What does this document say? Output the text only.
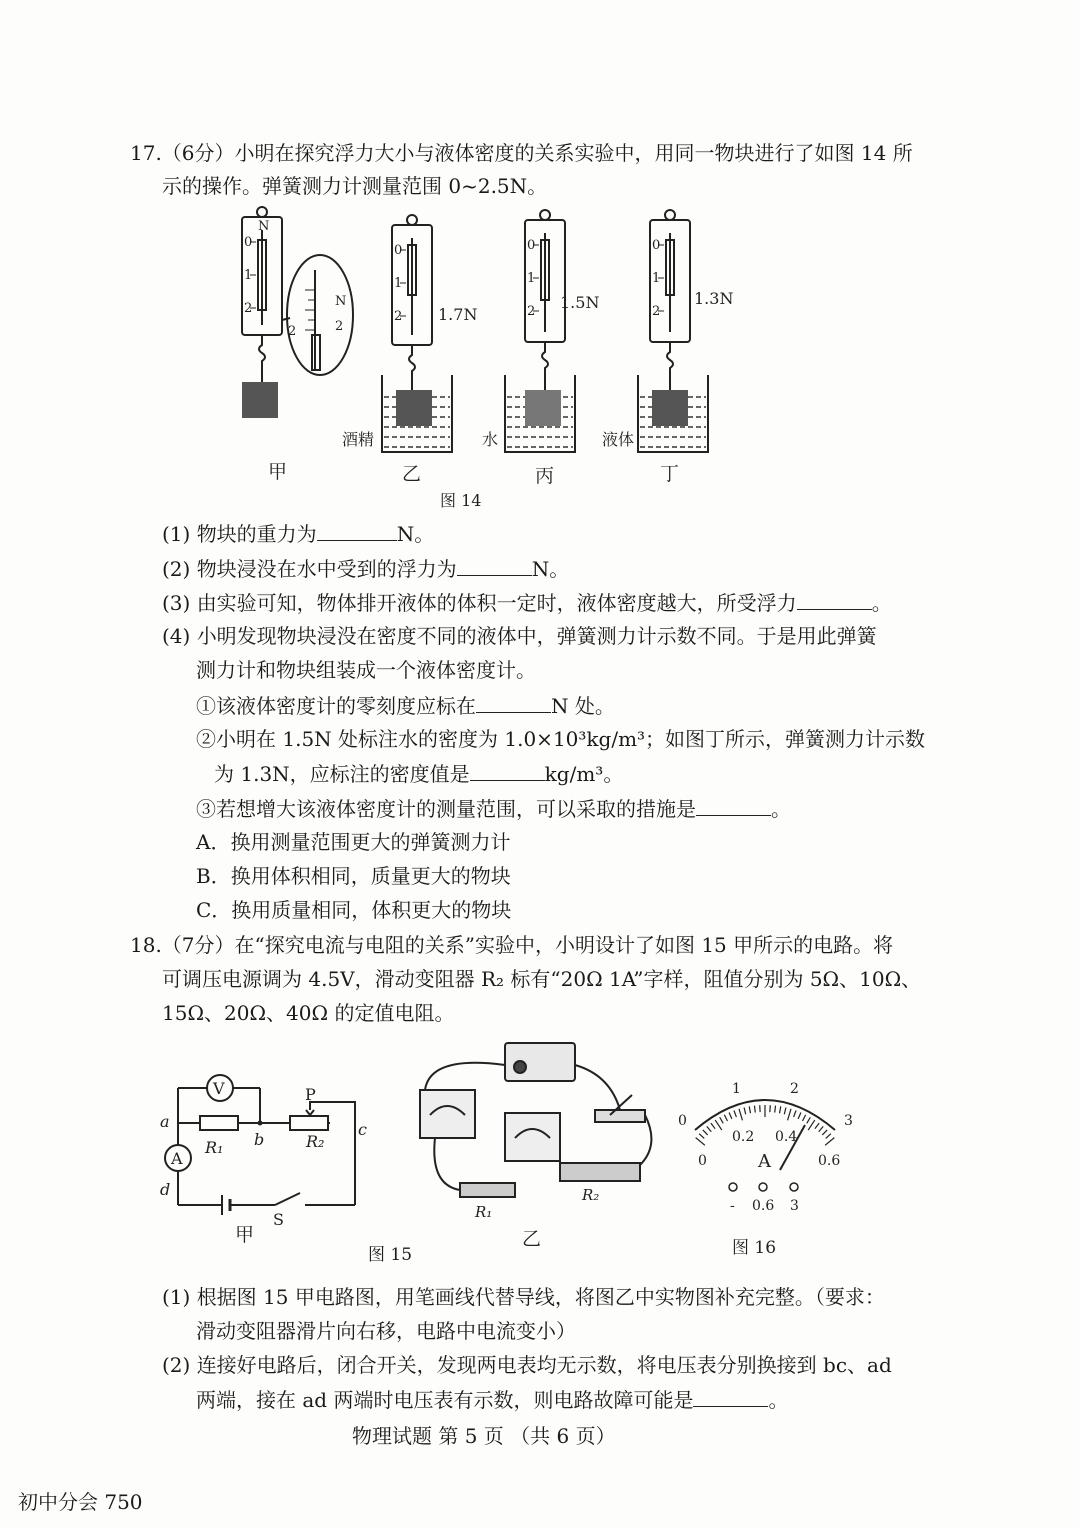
17.（6分）小明在探究浮力大小与液体密度的关系实验中，用同一物块进行了如图 14 所
示的操作。弹簧测力计测量范围 0~2.5N。
N
0
1
2
0
1
2
0
1
2
0
1
2
2
N
2
1.7N
1.5N	1.3N
酒精	水	液体
甲	乙	丙	丁
图 14
(1) 物块的重力为	N。
(2) 物块浸没在水中受到的浮力为	N。
(3) 由实验可知，物体排开液体的体积一定时，液体密度越大，所受浮力	。
(4) 小明发现物块浸没在密度不同的液体中，弹簧测力计示数不同。于是用此弹簧
测力计和物块组装成一个液体密度计。
①该液体密度计的零刻度应标在	N 处。
②小明在 1.5N 处标注水的密度为 1.0×10³kg/m³；如图丁所示，弹簧测力计示数
为 1.3N，应标注的密度值是	kg/m³。
③若想增大该液体密度计的测量范围，可以采取的措施是	。
A．换用测量范围更大的弹簧测力计
B．换用体积相同，质量更大的物块
C．换用质量相同，体积更大的物块
18.（7分）在“探究电流与电阻的关系”实验中，小明设计了如图 15 甲所示的电路。将
可调压电源调为 4.5V，滑动变阻器 R₂ 标有“20Ω 1A”字样，阻值分别为 5Ω、10Ω、
15Ω、20Ω、40Ω 的定值电阻。
a
b
c
d
R₁	R₂
V
A
P
S
甲
R₁
R₂
乙
图 15
0
1	2
3
0
0.2 0.4
0.6
A
- 0.6 3
图 16
(1) 根据图 15 甲电路图，用笔画线代替导线，将图乙中实物图补充完整。（要求：
滑动变阻器滑片向右移，电路中电流变小）
(2) 连接好电路后，闭合开关，发现两电表均无示数，将电压表分别换接到 bc、ad
两端，接在 ad 两端时电压表有示数，则电路故障可能是	。
物理试题 第 5 页 （共 6 页）
初中分会 750
